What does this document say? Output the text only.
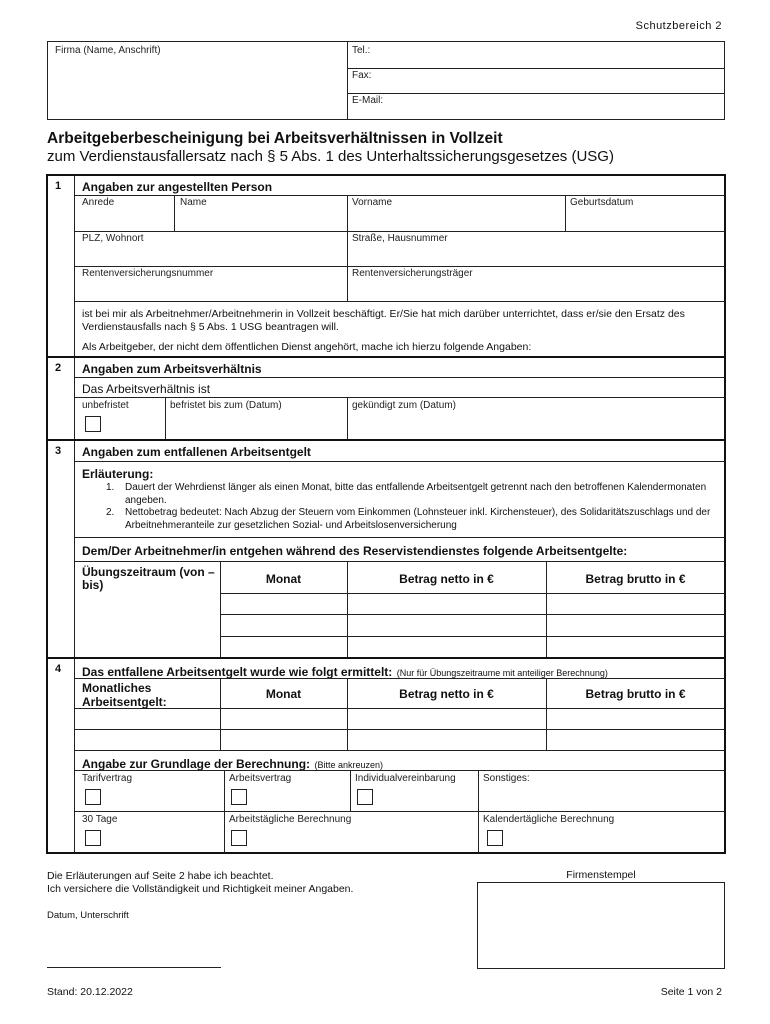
Schutzbereich 2
Firma (Name, Anschrift)	Tel.:
Fax:
E-Mail:
Arbeitgeberbescheinigung bei Arbeitsverhältnissen in Vollzeit
zum Verdienstausfallersatz nach § 5 Abs. 1 des Unterhaltssicherungsgesetzes (USG)
1 Angaben zur angestellten Person
Anrede	Name	Vorname	Geburtsdatum
PLZ, Wohnort	Straße, Hausnummer
Rentenversicherungsnummer	Rentenversicherungsträger
ist bei mir als Arbeitnehmer/Arbeitnehmerin in Vollzeit beschäftigt. Er/Sie hat mich darüber unterrichtet, dass er/sie den Ersatz des Verdienstausfalls nach § 5 Abs. 1 USG beantragen will.
Als Arbeitgeber, der nicht dem öffentlichen Dienst angehört, mache ich hierzu folgende Angaben:
2 Angaben zum Arbeitsverhältnis
Das Arbeitsverhältnis ist
unbefristet	befristet bis zum (Datum)	gekündigt zum (Datum)
3 Angaben zum entfallenen Arbeitsentgelt
Erläuterung:
1. Dauert der Wehrdienst länger als einen Monat, bitte das entfallende Arbeitsentgelt getrennt nach den betroffenen Kalendermonaten angeben.
2. Nettobetrag bedeutet: Nach Abzug der Steuern vom Einkommen (Lohnsteuer inkl. Kirchensteuer), des Solidaritätszuschlags und der Arbeitnehmeranteile zur gesetzlichen Sozial- und Arbeitslosenversicherung
Dem/Der Arbeitnehmer/in entgehen während des Reservistendienstes folgende Arbeitsentgelte:
Übungszeitraum (von – bis)	Monat	Betrag netto in €	Betrag brutto in €
4 Das entfallene Arbeitsentgelt wurde wie folgt ermittelt: (Nur für Übungszeitraume mit anteiliger Berechnung)
Monatliches Arbeitsentgelt:
Monat	Betrag netto in €	Betrag brutto in €
Angabe zur Grundlage der Berechnung: (Bitte ankreuzen)
Tarifvertrag	Arbeitsvertrag	Individualvereinbarung	Sonstiges:
30 Tage	Arbeitstägliche Berechnung	Kalendertägliche Berechnung
Die Erläuterungen auf Seite 2 habe ich beachtet.
Ich versichere die Vollständigkeit und Richtigkeit meiner Angaben.
Datum, Unterschrift
Firmenstempel
Stand: 20.12.2022	Seite 1 von 2
